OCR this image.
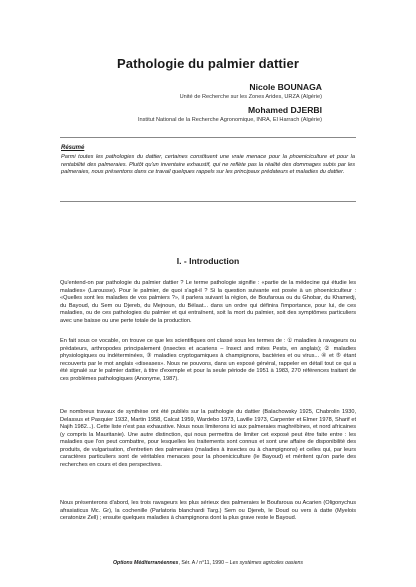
Pathologie du palmier dattier
Nicole BOUNAGA
Unité de Recherche sur les Zones Arides, URZA (Algérie)
Mohamed DJERBI
Institut National de la Recherche Agronomique, INRA, El Harrach (Algérie)
Résumé

Parmi toutes les pathologies du dattier, certaines constituent une vraie menace pour la phoeniciculture et pour la rentabilité des palmeraies. Plutôt qu'un inventaire exhaustif, qui ne reflète pas la réalité des dommages subis par les palmeraies, nous présentons dans ce travail quelques rappels sur les principaux prédateurs et maladies du dattier.

I. - Introduction

Qu'entend-on par pathologie du palmier dattier ? Le terme pathologie signifie : «partie de la médecine qui étudie les maladies» (Larousse). Pour le palmier, de quoi s'agit-il ? Si la question suivante est posée à un phoeniciculteur : «Quelles sont les maladies de vos palmiers ?», il parlera suivant la région, de Boufaroua ou du Ghobar, du Khamedj, du Bayoud, du Sem ou Djereb, du Mejnoun, du Bélaat... dans un ordre qui définira l'importance, pour lui, de ces maladies, ou de ces pathologies du palmier et qui entraînent, soit la mort du palmier, soit des symptômes particuliers avec une baisse ou une perte totale de la production.

En fait sous ce vocable, on trouve ce que les scientifiques ont classé sous les termes de : ① maladies à ravageurs ou prédateurs, arthropodes principalement (insectes et acariens – Insect and mites Pests, en anglais); ② maladies physiologiques ou indéterminées, ③ maladies cryptogamiques à champignons, bactéries et ou virus... ④ et ⑤ étant recouverts par le mot anglais «diseases». Nous ne pouvons, dans un exposé général, rappeler en détail tout ce qui a été signalé sur le palmier dattier, à titre d'exemple et pour la seule période de 1951 à 1983, 270 références traitant de ces problèmes pathologiques (Anonyme, 1987).

De nombreux travaux de synthèse ont été publiés sur la pathologie du dattier (Balachowsky 1925, Chabrolin 1930, Delassus et Pasquier 1932, Martin 1958, Calcat 1959, Wardebo 1973, Laville 1973, Carpenter et Elmer 1978, Sharif et Najih 1982...). Cette liste n'est pas exhaustive. Nous nous limiterons ici aux palmeraies maghrébines, et nord africaines (y compris la Mauritanie). Une autre distinction, qui nous permettra de limiter cet exposé peut être faite entre : les maladies que l'on peut combattre, pour lesquelles les traitements sont connus et sont une affaire de disponibilité des produits, de vulgarisation, d'entretien des palmeraies (maladies à insectes ou à champignons) et celles qui, par leurs caractères particuliers sont de véritables menaces pour la phoeniciculture (le Bayoud) et méritent qu'on parle des recherches en cours et des perspectives.

Nous présenterons d'abord, les trois ravageurs les plus sérieux des palmeraies le Boufaroua ou Acarien (Oligonychus afrasiaticus Mc. Gr), la cochenille (Parlatoria blanchardi Targ.) Sem ou Djereb, le Doud ou vers à datte (Myelois ceratonize Zell) ; ensuite quelques maladies à champignons dont la plus grave reste le Bayoud.

Options Méditerranéennes, Sér. A / n°11, 1990 – Les systèmes agricoles oasiens
